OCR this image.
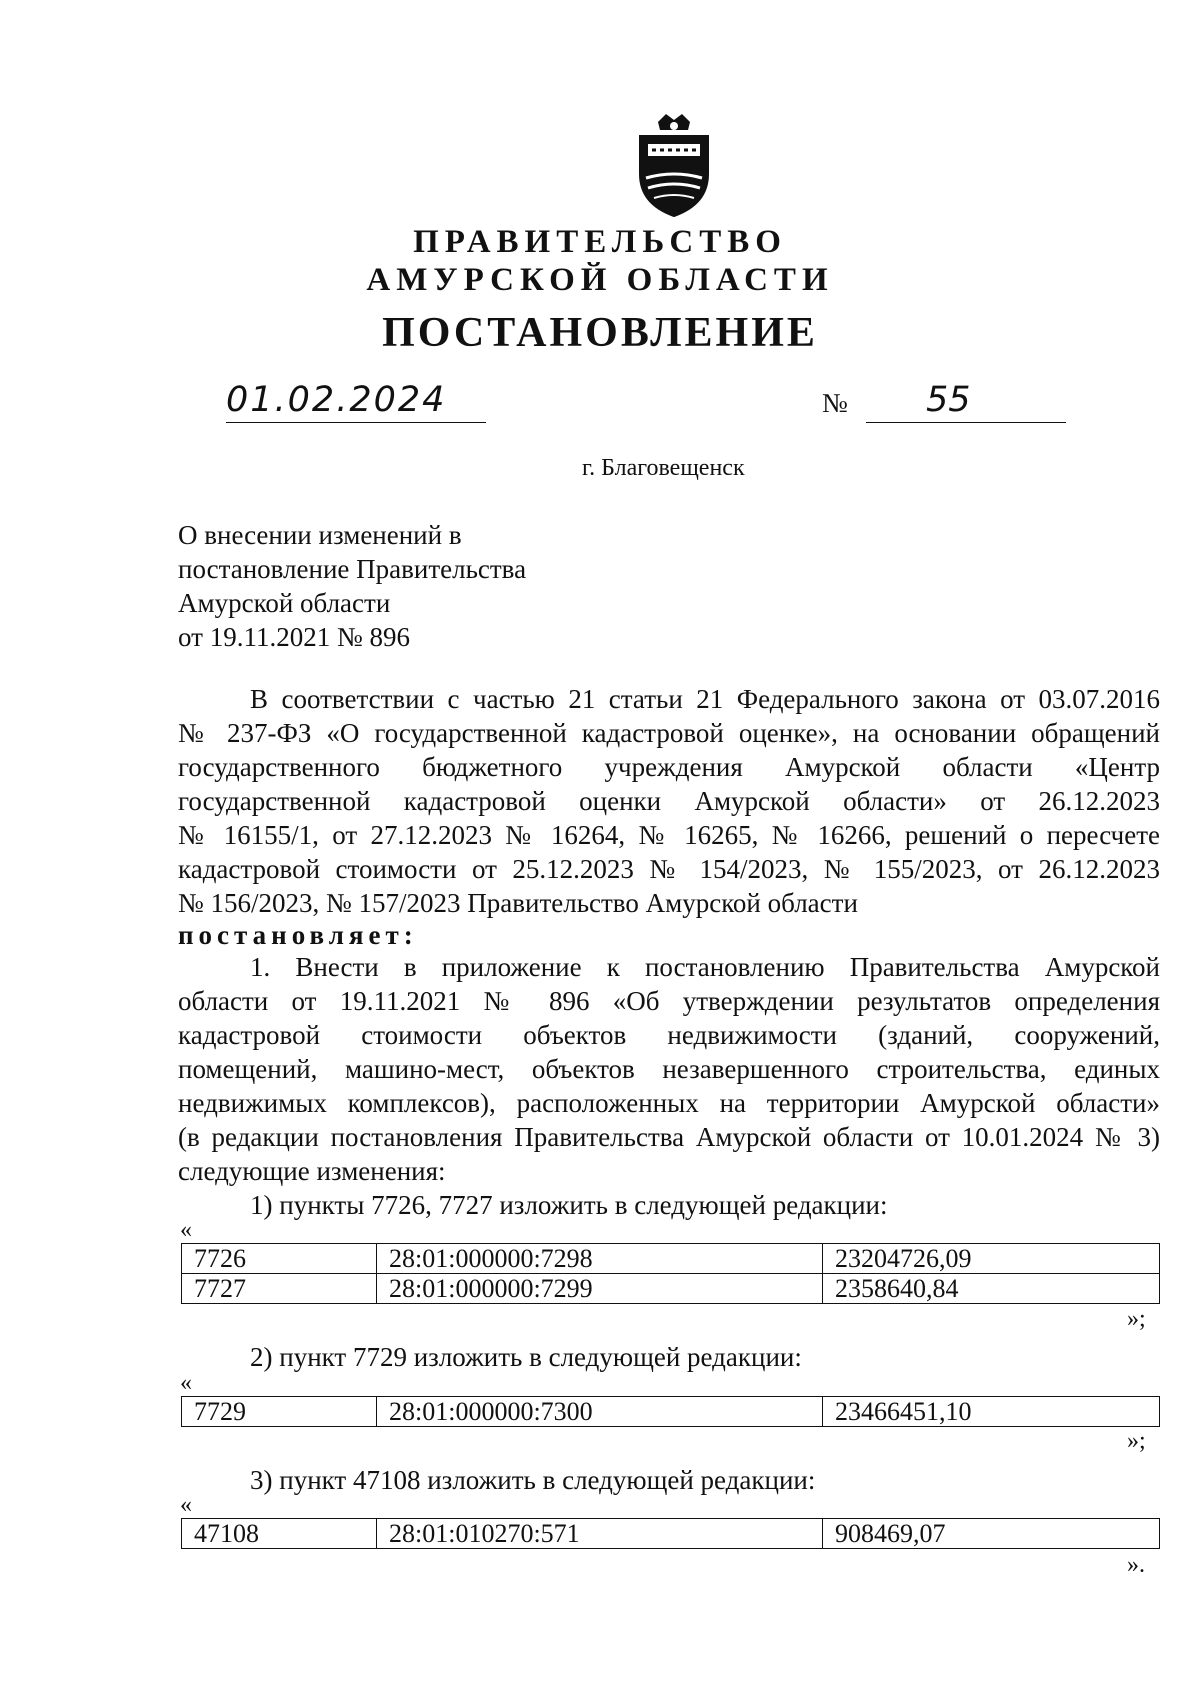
ПРАВИТЕЛЬСТВО
АМУРСКОЙ ОБЛАСТИ
ПОСТАНОВЛЕНИЕ
01.02.2024	№	55
г. Благовещенск
О внесении изменений в
постановление Правительства
Амурской области
от 19.11.2021 № 896
В соответствии с частью 21 статьи 21 Федерального закона от 03.07.2016
№ 237-ФЗ «О государственной кадастровой оценке», на основании обращений
государственного бюджетного учреждения Амурской области «Центр
государственной кадастровой оценки Амурской области» от 26.12.2023
№ 16155/1, от 27.12.2023 № 16264, № 16265, № 16266, решений о пересчете
кадастровой стоимости от 25.12.2023 № 154/2023, № 155/2023, от 26.12.2023
№ 156/2023, № 157/2023 Правительство Амурской области
постановляет:
1. Внести в приложение к постановлению Правительства Амурской
области от 19.11.2021 № 896 «Об утверждении результатов определения
кадастровой стоимости объектов недвижимости (зданий, сооружений,
помещений, машино-мест, объектов незавершенного строительства, единых
недвижимых комплексов), расположенных на территории Амурской области»
(в редакции постановления Правительства Амурской области от 10.01.2024 № 3)
следующие изменения:
1) пункты 7726, 7727 изложить в следующей редакции:
«
7726	28:01:000000:7298	23204726,09
7727	28:01:000000:7299	2358640,84
»;
2) пункт 7729 изложить в следующей редакции:
«
7729	28:01:000000:7300	23466451,10
»;
3) пункт 47108 изложить в следующей редакции:
«
47108	28:01:010270:571	908469,07
».
